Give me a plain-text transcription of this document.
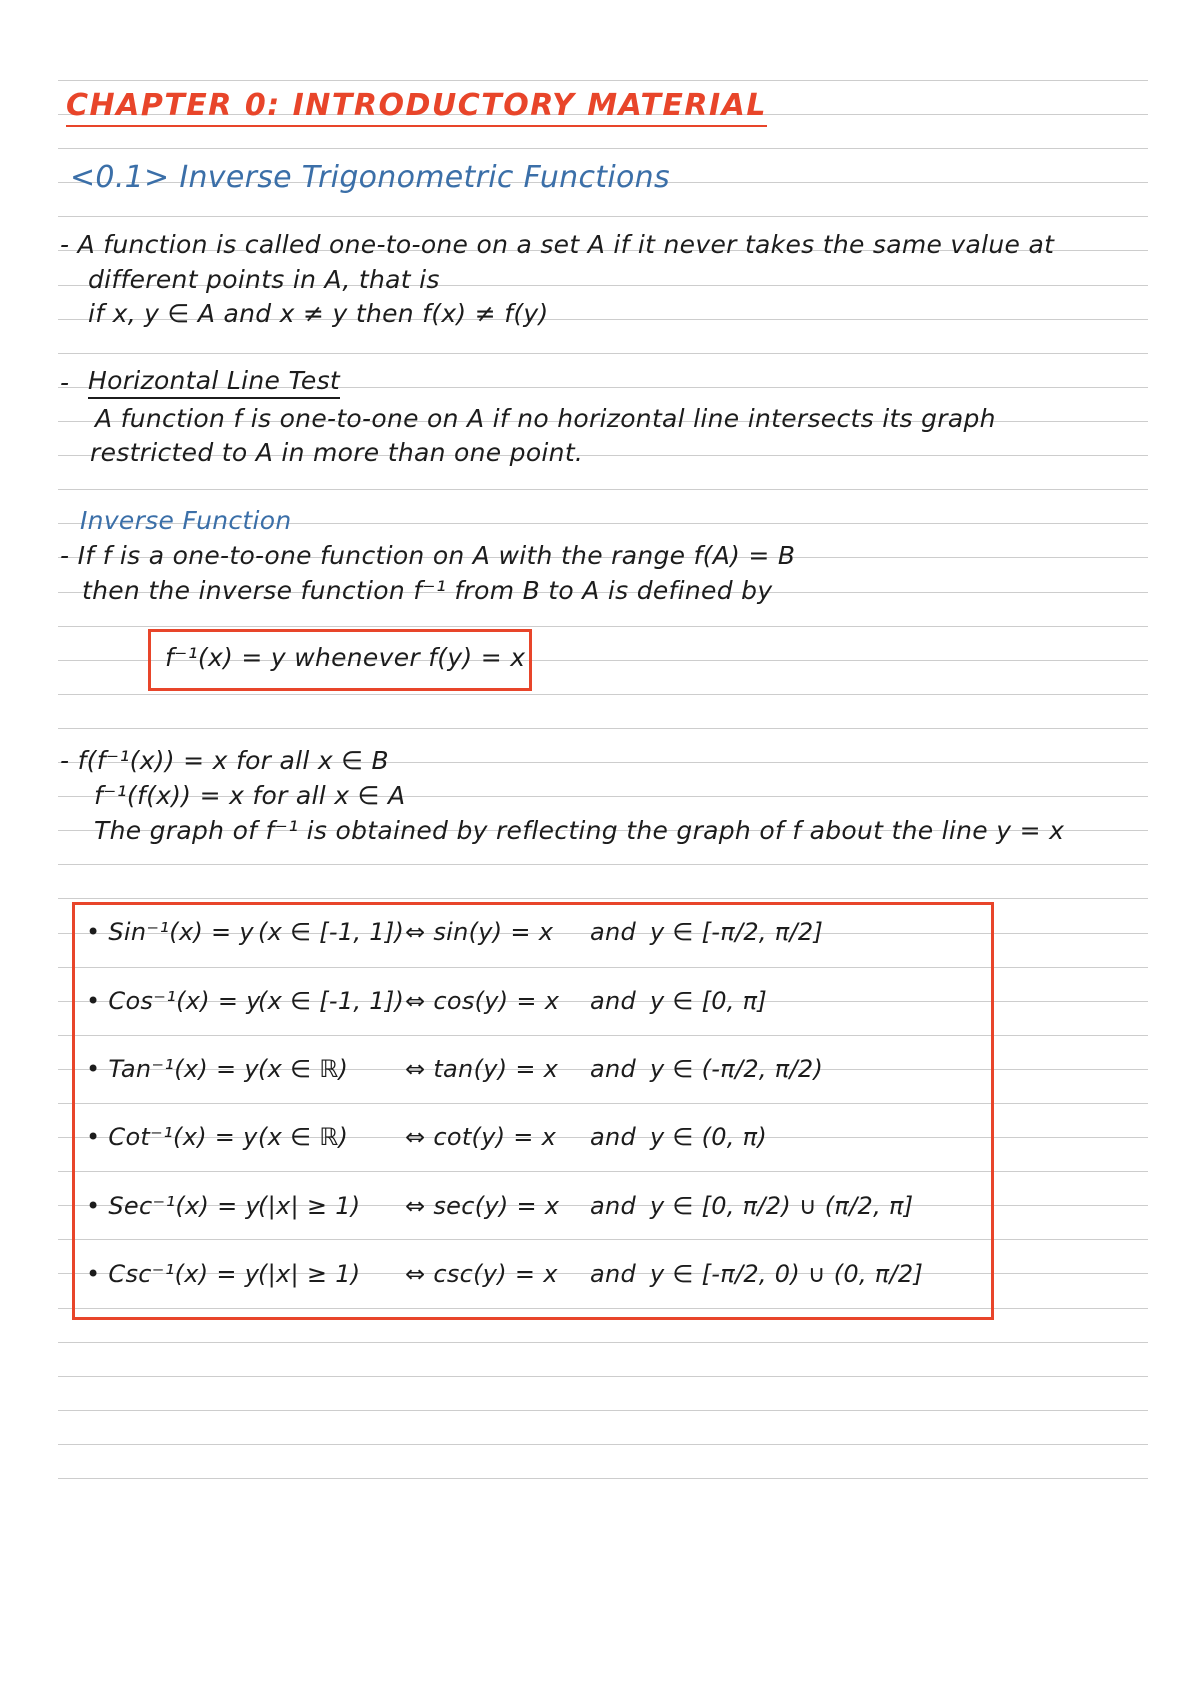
CHAPTER 0: INTRODUCTORY MATERIAL
<0.1> Inverse Trigonometric Functions
- A function is called one-to-one on a set A if it never takes the same value at
different points in A, that is
if x, y ∈ A and x ≠ y then f(x) ≠ f(y)
- Horizontal Line Test
A function f is one-to-one on A if no horizontal line intersects its graph
restricted to A in more than one point.
Inverse Function
- If f is a one-to-one function on A with the range f(A) = B
then the inverse function f⁻¹ from B to A is defined by
f⁻¹(x) = y whenever f(y) = x
- f(f⁻¹(x)) = x for all x ∈ B
f⁻¹(f(x)) = x for all x ∈ A
The graph of f⁻¹ is obtained by reflecting the graph of f about the line y = x
• Sin⁻¹(x) = y (x ∈ [-1, 1]) ⇔ sin(y) = x and y ∈ [-π/2, π/2]
• Cos⁻¹(x) = y
(x ∈ [-1, 1]) ⇔ cos(y) = x and y ∈ [0, π]
• Tan⁻¹(x) = y (x ∈ ℝ) ⇔ tan(y) = x and y ∈ (-π/2, π/2)
• Cot⁻¹(x) = y (x ∈ ℝ) ⇔ cot(y) = x and y ∈ (0, π)
• Sec⁻¹(x) = y
(|x| ≥ 1) ⇔ sec(y) = x and y ∈ [0, π/2) ∪ (π/2, π]
• Csc⁻¹(x) = y
(|x| ≥ 1) ⇔ csc(y) = x and y ∈ [-π/2, 0) ∪ (0, π/2]
